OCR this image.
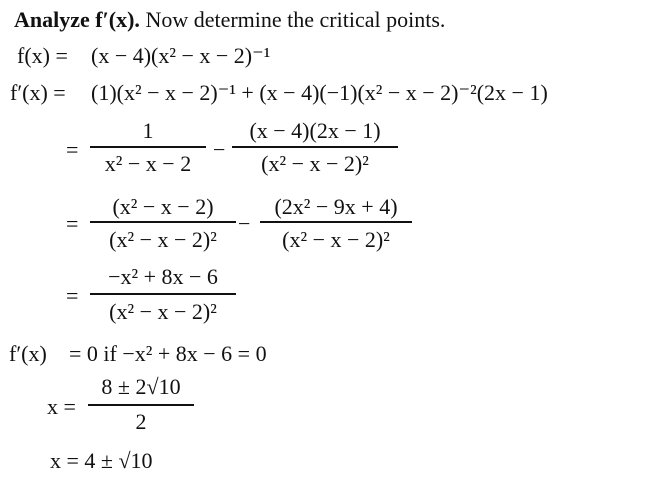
Analyze f′(x). Now determine the critical points.
f(x) = (x − 4)(x² − x − 2)⁻¹
f′(x) = (1)(x² − x − 2)⁻¹ + (x − 4)(−1)(x² − x − 2)⁻²(2x − 1)
=
1
x² − x − 2
−
(x − 4)(2x − 1)
(x² − x − 2)²
=
(x² − x − 2)
(x² − x − 2)²
−
(2x² − 9x + 4)
(x² − x − 2)²
=
−x² + 8x − 6
(x² − x − 2)²
f′(x) = 0 if −x² + 8x − 6 = 0
x =
8 ± 2√10
2
x = 4 ± √10
